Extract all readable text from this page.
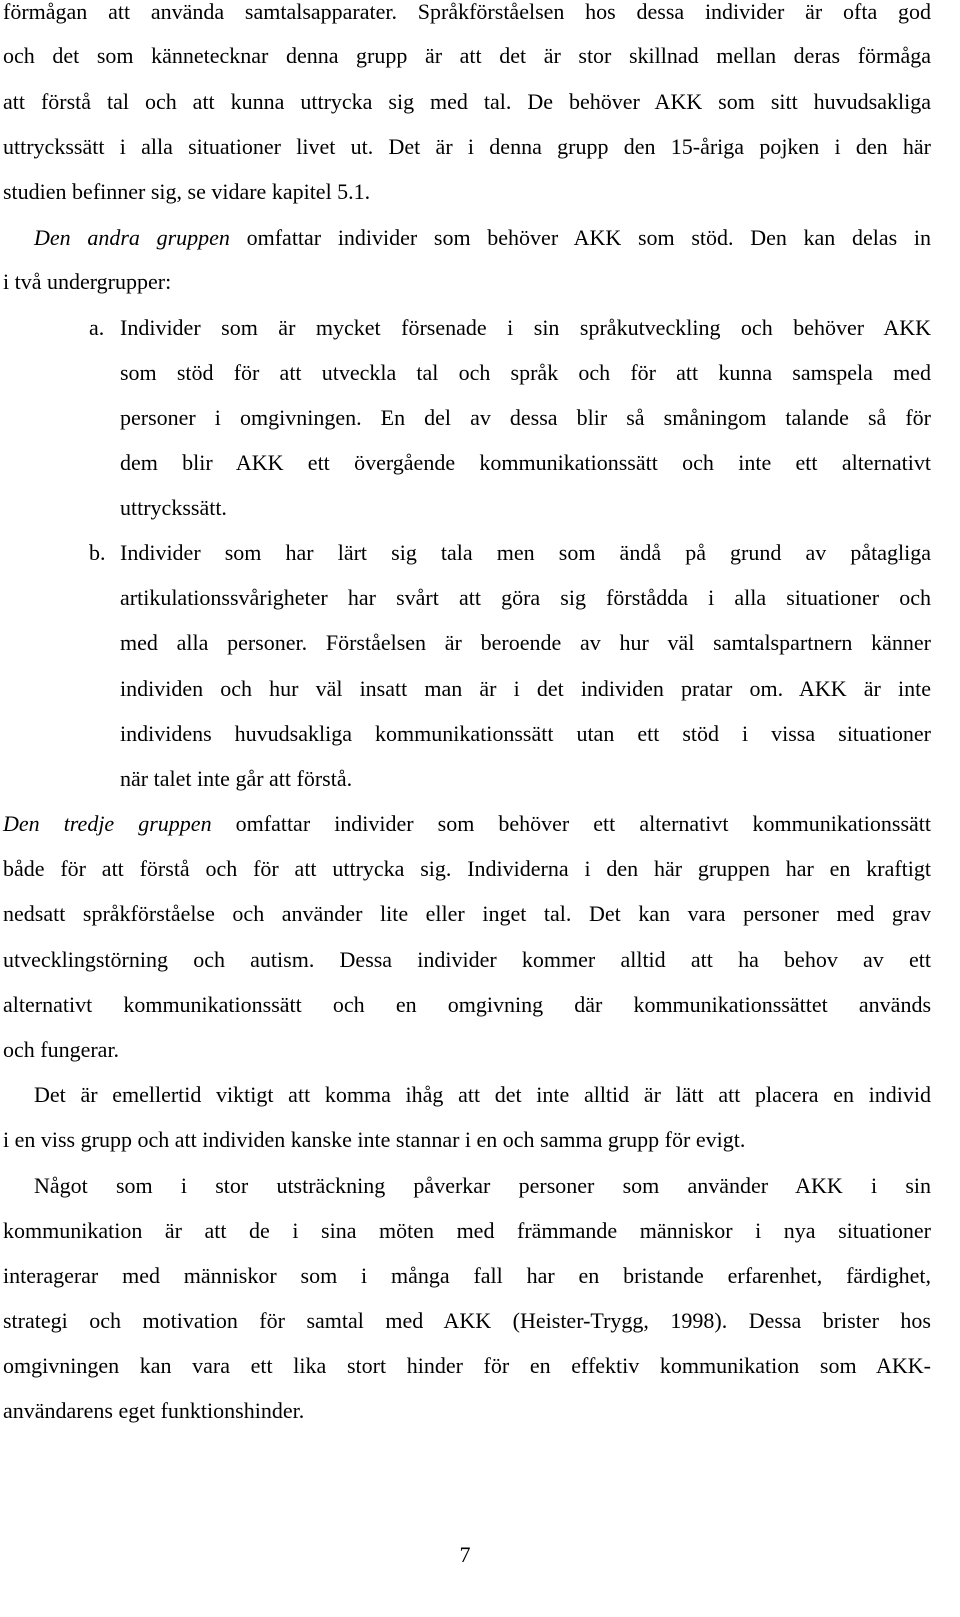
förmågan att använda samtalsapparater. Språkförståelsen hos dessa individer är ofta god
och det som kännetecknar denna grupp är att det är stor skillnad mellan deras förmåga
att förstå tal och att kunna uttrycka sig med tal. De behöver AKK som sitt huvudsakliga
uttryckssätt i alla situationer livet ut. Det är i denna grupp den 15-åriga pojken i den här
studien befinner sig, se vidare kapitel 5.1.
Den andra gruppen omfattar individer som behöver AKK som stöd. Den kan delas in
i två undergrupper:
a. Individer som är mycket försenade i sin språkutveckling och behöver AKK
som stöd för att utveckla tal och språk och för att kunna samspela med
personer i omgivningen. En del av dessa blir så småningom talande så för
dem blir AKK ett övergående kommunikationssätt och inte ett alternativt
uttryckssätt.
b. Individer som har lärt sig tala men som ändå på grund av påtagliga
artikulationssvårigheter har svårt att göra sig förstådda i alla situationer och
med alla personer. Förståelsen är beroende av hur väl samtalspartnern känner
individen och hur väl insatt man är i det individen pratar om. AKK är inte
individens huvudsakliga kommunikationssätt utan ett stöd i vissa situationer
när talet inte går att förstå.
Den tredje gruppen omfattar individer som behöver ett alternativt kommunikationssätt
både för att förstå och för att uttrycka sig. Individerna i den här gruppen har en kraftigt
nedsatt språkförståelse och använder lite eller inget tal. Det kan vara personer med grav
utvecklingstörning och autism. Dessa individer kommer alltid att ha behov av ett
alternativt kommunikationssätt och en omgivning där kommunikationssättet används
och fungerar.
Det är emellertid viktigt att komma ihåg att det inte alltid är lätt att placera en individ
i en viss grupp och att individen kanske inte stannar i en och samma grupp för evigt.
Något som i stor utsträckning påverkar personer som använder AKK i sin
kommunikation är att de i sina möten med främmande människor i nya situationer
interagerar med människor som i många fall har en bristande erfarenhet, färdighet,
strategi och motivation för samtal med AKK (Heister-Trygg, 1998). Dessa brister hos
omgivningen kan vara ett lika stort hinder för en effektiv kommunikation som AKK-
användarens eget funktionshinder.
7
